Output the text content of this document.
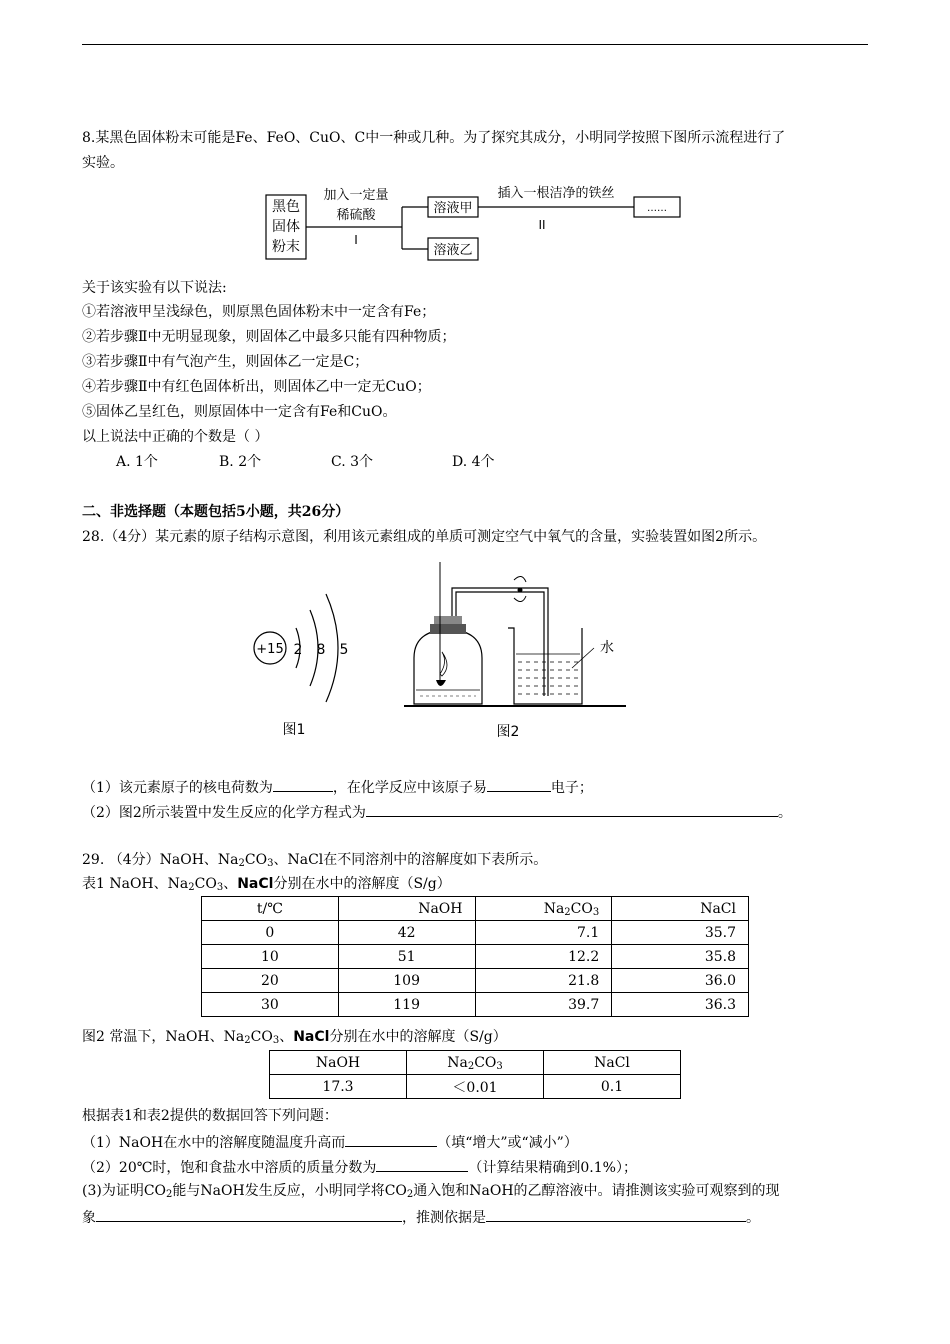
8.某黑色固体粉末可能是Fe、FeO、CuO、C中一种或几种。为了探究其成分，小明同学按照下图所示流程进行了
实验。
黑色
固体
粉末
加入一定量
稀硫酸
I
溶液甲
溶液乙
插入一根洁净的铁丝
II
……
关于该实验有以下说法:
①若溶液甲呈浅绿色，则原黑色固体粉末中一定含有Fe；
②若步骤Ⅱ中无明显现象，则固体乙中最多只能有四种物质；
③若步骤Ⅱ中有气泡产生，则固体乙一定是C；
④若步骤Ⅱ中有红色固体析出，则固体乙中一定无CuO；
⑤固体乙呈红色，则原固体中一定含有Fe和CuO。
以上说法中正确的个数是（ ）
A. 1个	B. 2个	C. 3个	D. 4个
二、非选择题（本题包括5小题，共26分）
28.（4分）某元素的原子结构示意图，利用该元素组成的单质可测定空气中氧气的含量，实验装置如图2所示。
+15 2 8 5
图1
水
图2
（1）该元素原子的核电荷数为	，在化学反应中该原子易	电子；
（2）图2所示装置中发生反应的化学方程式为	。
29. （4分）NaOH、$Na_2CO_3$、NaCl在不同溶剂中的溶解度如下表所示。
表1 NaOH、$Na_2CO_3$、NaCl分别在水中的溶解度（S/g）
t/℃	NaOH	$Na_2CO_3$	NaCl
0	42	7.1	35.7
10	51	12.2	35.8
20	109	21.8	36.0
30	119	39.7	36.3
图2 常温下，NaOH、$Na_2CO_3$、NaCl分别在水中的溶解度（S/g）
NaOH	$Na_2CO_3$	NaCl
17.3	＜0.01	0.1
根据表1和表2提供的数据回答下列问题：
（1）NaOH在水中的溶解度随温度升高而	（填“增大”或“减小”）
（2）20℃时，饱和食盐水中溶质的质量分数为	（计算结果精确到0.1%）；
(3)为证明$CO_2$能与NaOH发生反应，小明同学将$CO_2$通入饱和NaOH的乙醇溶液中。请推测该实验可观察到的现
象	，推测依据是	。
